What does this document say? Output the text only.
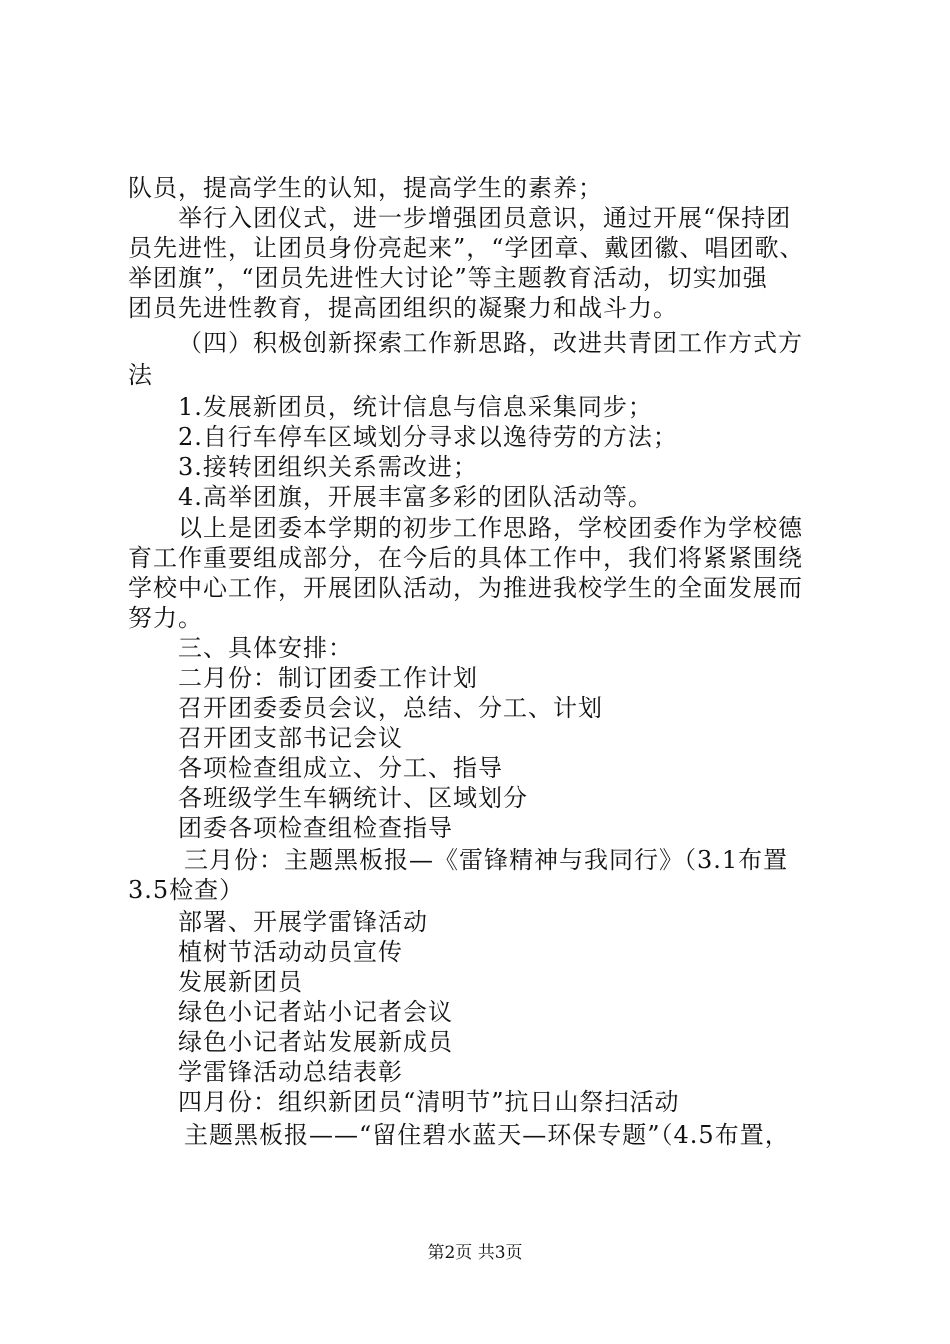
队员，提高学生的认知，提高学生的素养；
举行入团仪式，进一步增强团员意识，通过开展“保持团
员先进性，让团员身份亮起来”，“学团章、戴团徽、唱团歌、
举团旗”，“团员先进性大讨论”等主题教育活动，切实加强
团员先进性教育，提高团组织的凝聚力和战斗力。
（四）积极创新探索工作新思路，改进共青团工作方式方
法
1.发展新团员，统计信息与信息采集同步；
2.自行车停车区域划分寻求以逸待劳的方法；
3.接转团组织关系需改进；
4.高举团旗，开展丰富多彩的团队活动等。
以上是团委本学期的初步工作思路，学校团委作为学校德
育工作重要组成部分，在今后的具体工作中，我们将紧紧围绕
学校中心工作，开展团队活动，为推进我校学生的全面发展而
努力。
三、具体安排：
二月份：制订团委工作计划
召开团委委员会议，总结、分工、计划
召开团支部书记会议
各项检查组成立、分工、指导
各班级学生车辆统计、区域划分
团委各项检查组检查指导
三月份：主题黑板报—《雷锋精神与我同行》（3.1布置
3.5检查）
部署、开展学雷锋活动
植树节活动动员宣传
发展新团员
绿色小记者站小记者会议
绿色小记者站发展新成员
学雷锋活动总结表彰
四月份：组织新团员“清明节”抗日山祭扫活动
主题黑板报——“留住碧水蓝天—环保专题”（4.5布置，
第2页 共3页
